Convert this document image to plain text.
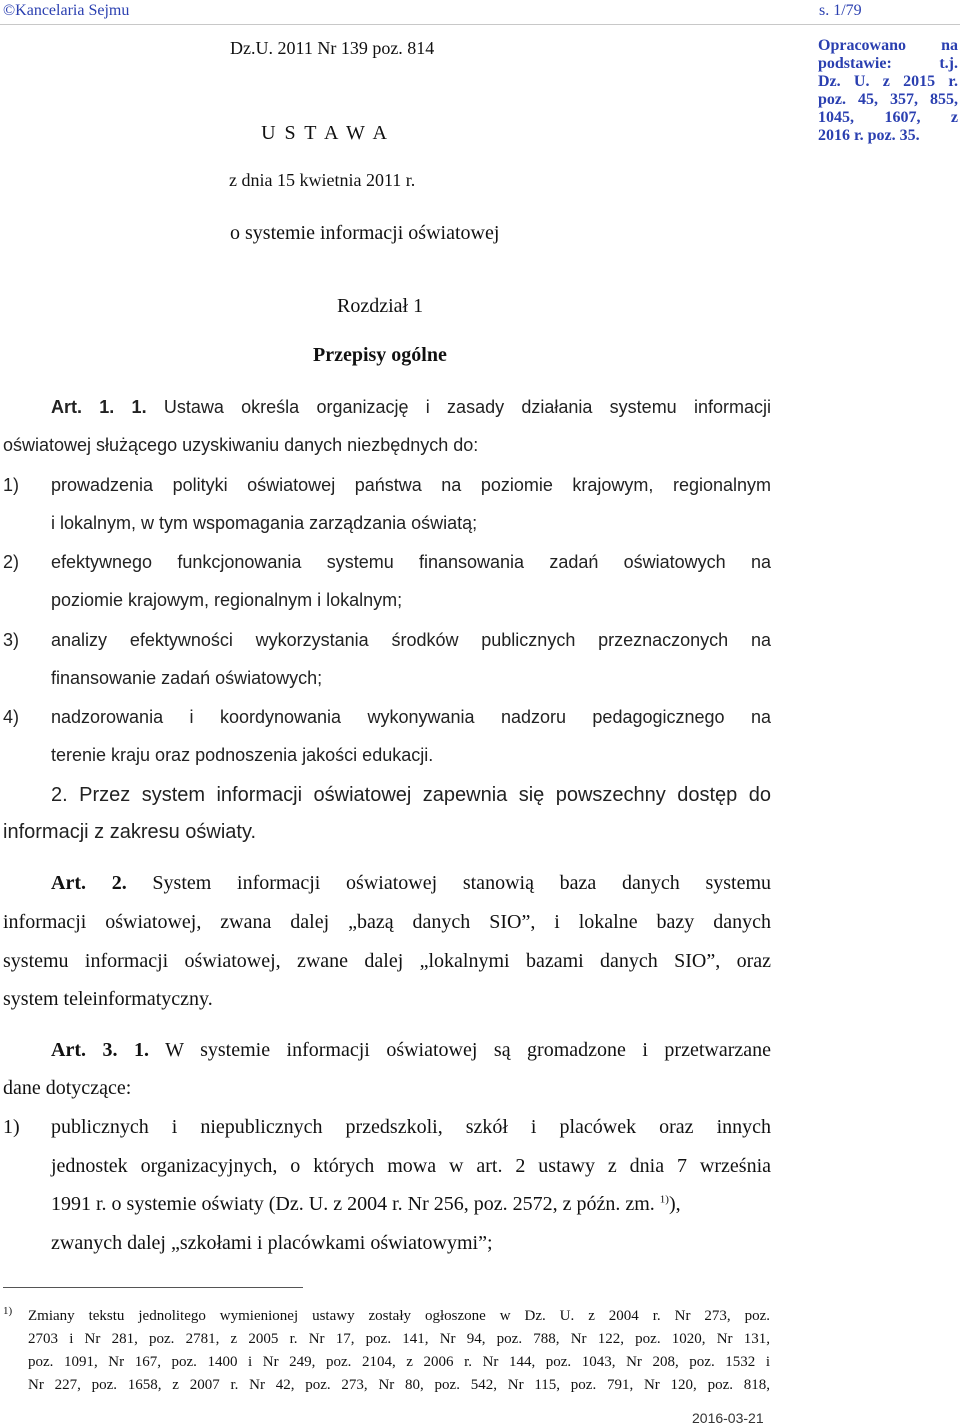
©Kancelaria Sejmu	s. 1/79
Dz.U. 2011 Nr 139 poz. 814
U S T A W A
z dnia 15 kwietnia 2011 r.
o systemie informacji oświatowej
Opracowano na
podstawie: t.j.
Dz. U. z 2015 r.
poz. 45, 357, 855,
1045, 1607, z
2016 r. poz. 35.
Rozdział 1
Przepisy ogólne
Art. 1. 1. Ustawa określa organizację i zasady działania systemu informacji
oświatowej służącego uzyskiwaniu danych niezbędnych do:
1) prowadzenia polityki oświatowej państwa na poziomie krajowym, regionalnym
i lokalnym, w tym wspomagania zarządzania oświatą;
2) efektywnego funkcjonowania systemu finansowania zadań oświatowych na
poziomie krajowym, regionalnym i lokalnym;
3) analizy efektywności wykorzystania środków publicznych przeznaczonych na
finansowanie zadań oświatowych;
4) nadzorowania i koordynowania wykonywania nadzoru pedagogicznego na
terenie kraju oraz podnoszenia jakości edukacji.
2. Przez system informacji oświatowej zapewnia się powszechny dostęp do
informacji z zakresu oświaty.
Art. 2. System informacji oświatowej stanowią baza danych systemu
informacji oświatowej, zwana dalej „bazą danych SIO”, i lokalne bazy danych
systemu informacji oświatowej, zwane dalej „lokalnymi bazami danych SIO”, oraz
system teleinformatyczny.
Art. 3. 1. W systemie informacji oświatowej są gromadzone i przetwarzane
dane dotyczące:
1) publicznych i niepublicznych przedszkoli, szkół i placówek oraz innych
jednostek organizacyjnych, o których mowa w art. 2 ustawy z dnia 7 września
1991 r. o systemie oświaty (Dz. U. z 2004 r. Nr 256, poz. 2572, z późn. zm. $^{1)}$),
zwanych dalej „szkołami i placówkami oświatowymi”;
1) Zmiany tekstu jednolitego wymienionej ustawy zostały ogłoszone w Dz. U. z 2004 r. Nr 273, poz.
2703 i Nr 281, poz. 2781, z 2005 r. Nr 17, poz. 141, Nr 94, poz. 788, Nr 122, poz. 1020, Nr 131,
poz. 1091, Nr 167, poz. 1400 i Nr 249, poz. 2104, z 2006 r. Nr 144, poz. 1043, Nr 208, poz. 1532 i
Nr 227, poz. 1658, z 2007 r. Nr 42, poz. 273, Nr 80, poz. 542, Nr 115, poz. 791, Nr 120, poz. 818,
2016-03-21
